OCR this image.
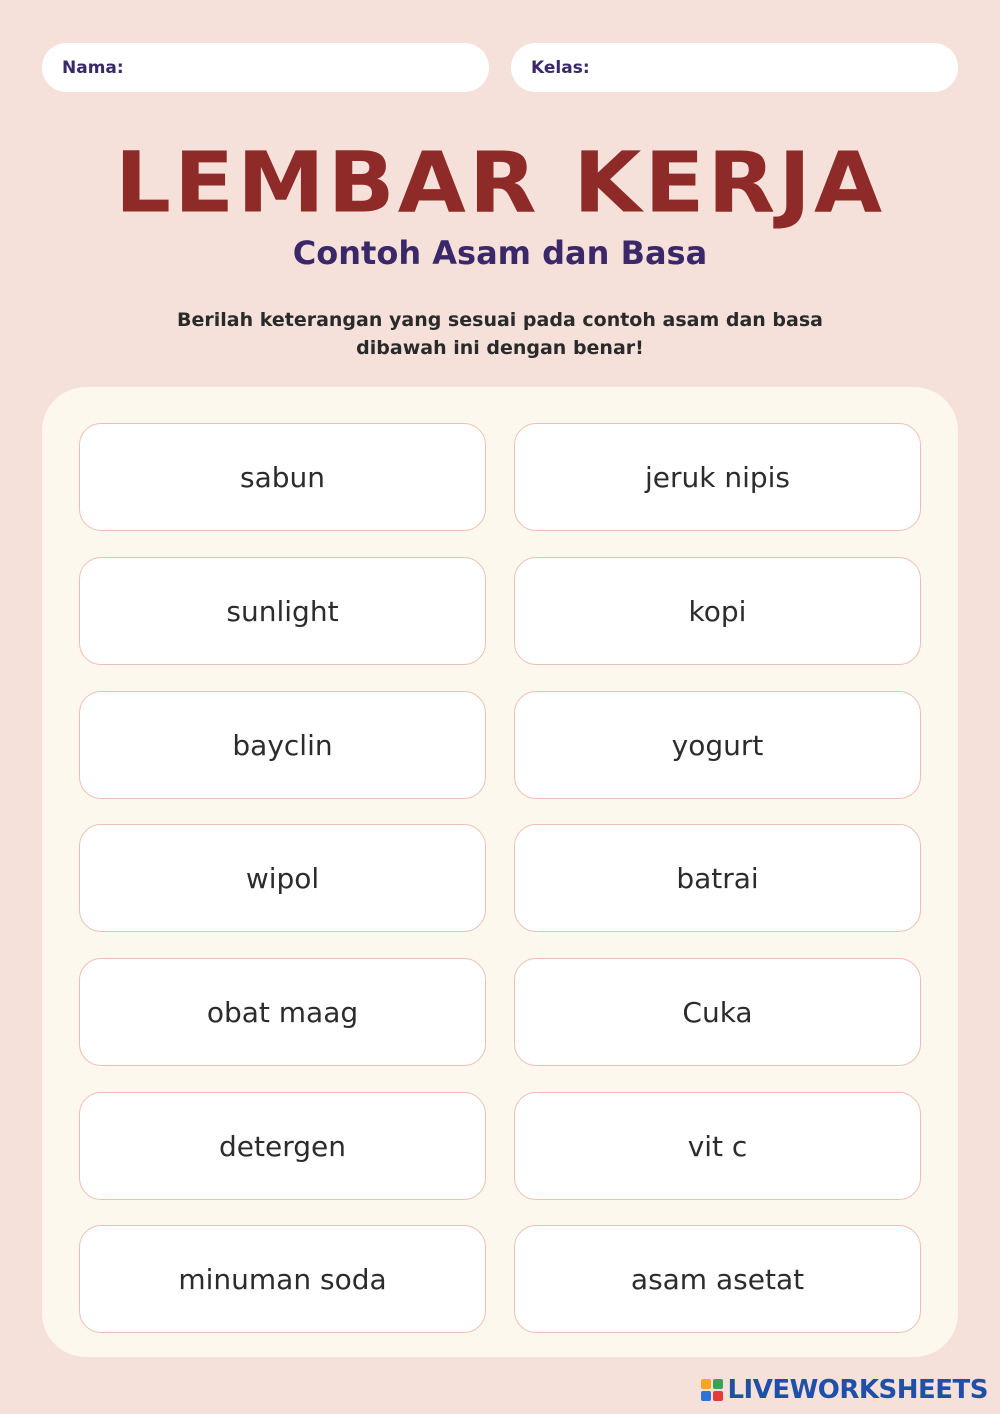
Nama:	Kelas:
LEMBAR KERJA
Contoh Asam dan Basa

Berilah keterangan yang sesuai pada contoh asam dan basa
dibawah ini dengan benar!

sabun	jeruk nipis
sunlight	kopi
bayclin	yogurt
wipol	batrai
obat maag	Cuka
detergen	vit c
minuman soda	asam asetat
LIVEWORKSHEETS
